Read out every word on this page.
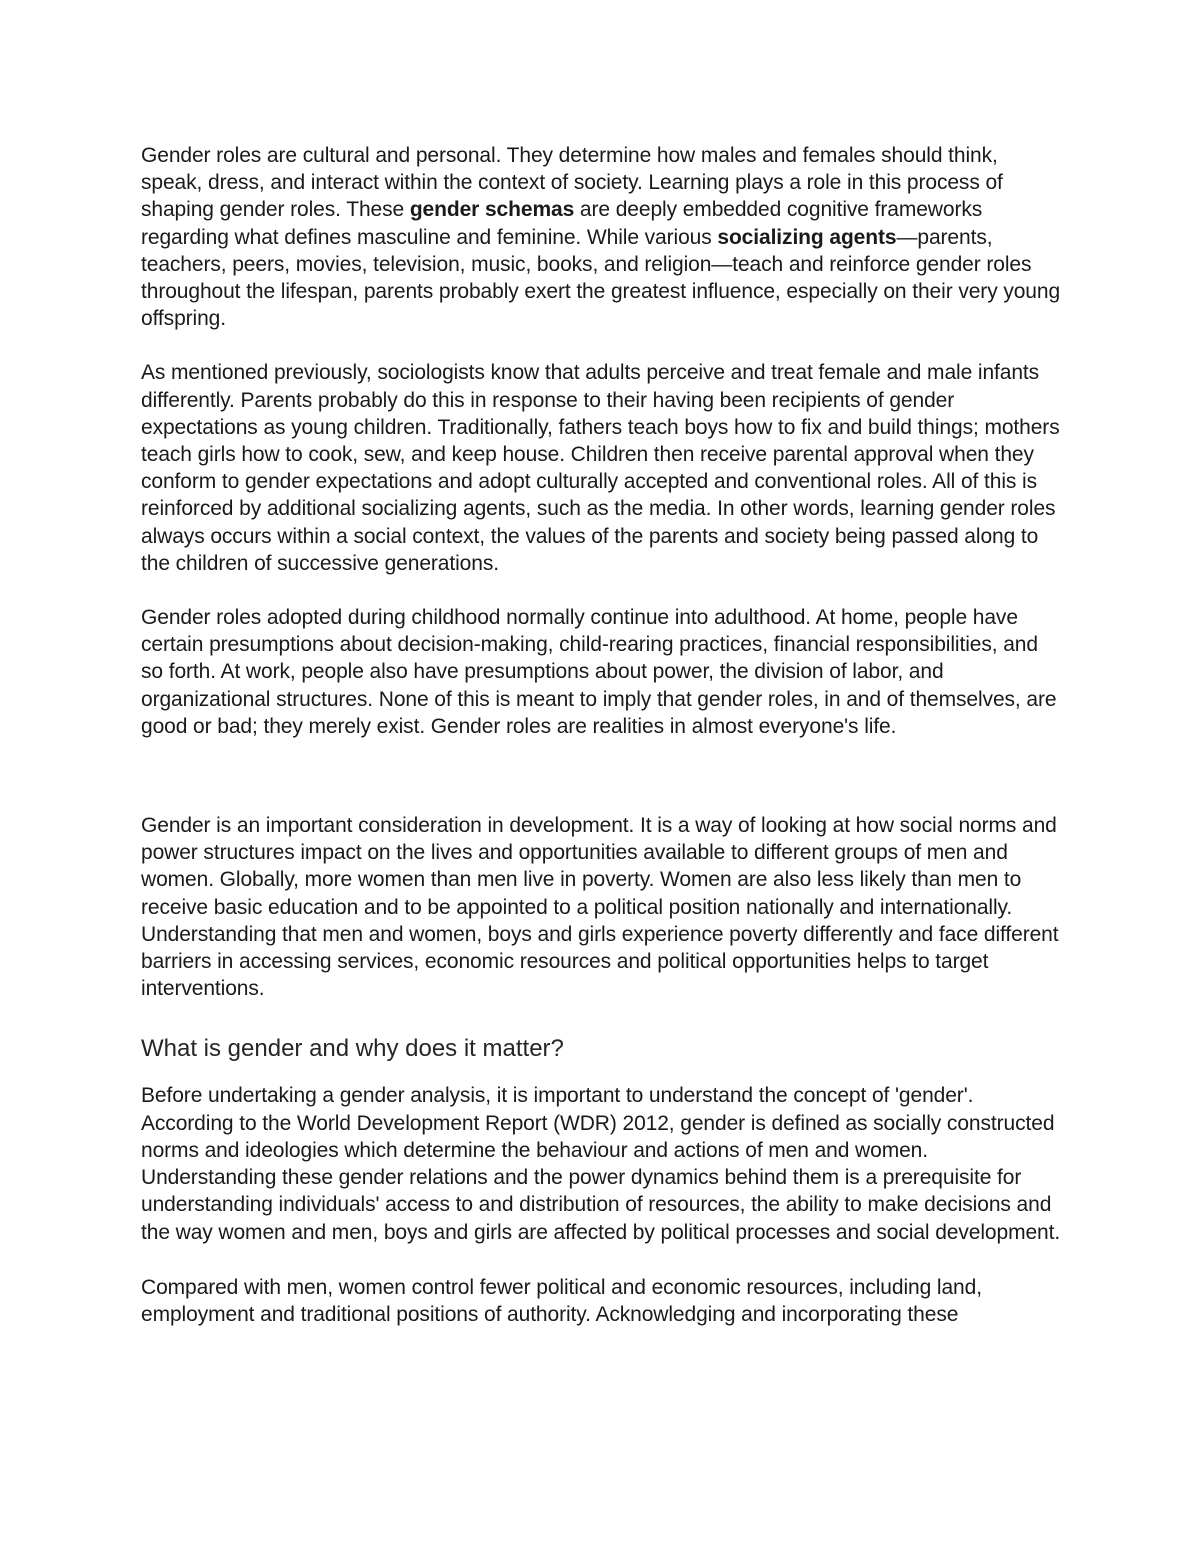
Gender roles are cultural and personal. They determine how males and females should think, speak, dress, and interact within the context of society. Learning plays a role in this process of shaping gender roles. These gender schemas are deeply embedded cognitive frameworks regarding what defines masculine and feminine. While various socializing agents—parents, teachers, peers, movies, television, music, books, and religion—teach and reinforce gender roles throughout the lifespan, parents probably exert the greatest influence, especially on their very young offspring.

As mentioned previously, sociologists know that adults perceive and treat female and male infants differently. Parents probably do this in response to their having been recipients of gender expectations as young children. Traditionally, fathers teach boys how to fix and build things; mothers teach girls how to cook, sew, and keep house. Children then receive parental approval when they conform to gender expectations and adopt culturally accepted and conventional roles. All of this is reinforced by additional socializing agents, such as the media. In other words, learning gender roles always occurs within a social context, the values of the parents and society being passed along to the children of successive generations.

Gender roles adopted during childhood normally continue into adulthood. At home, people have certain presumptions about decision-making, child-rearing practices, financial responsibilities, and so forth. At work, people also have presumptions about power, the division of labor, and organizational structures. None of this is meant to imply that gender roles, in and of themselves, are good or bad; they merely exist. Gender roles are realities in almost everyone's life.

Gender is an important consideration in development. It is a way of looking at how social norms and power structures impact on the lives and opportunities available to different groups of men and women. Globally, more women than men live in poverty. Women are also less likely than men to receive basic education and to be appointed to a political position nationally and internationally. Understanding that men and women, boys and girls experience poverty differently and face different barriers in accessing services, economic resources and political opportunities helps to target interventions.

What is gender and why does it matter?

Before undertaking a gender analysis, it is important to understand the concept of 'gender'. According to the World Development Report (WDR) 2012, gender is defined as socially constructed norms and ideologies which determine the behaviour and actions of men and women. Understanding these gender relations and the power dynamics behind them is a prerequisite for understanding individuals' access to and distribution of resources, the ability to make decisions and the way women and men, boys and girls are affected by political processes and social development.

Compared with men, women control fewer political and economic resources, including land, employment and traditional positions of authority. Acknowledging and incorporating these
